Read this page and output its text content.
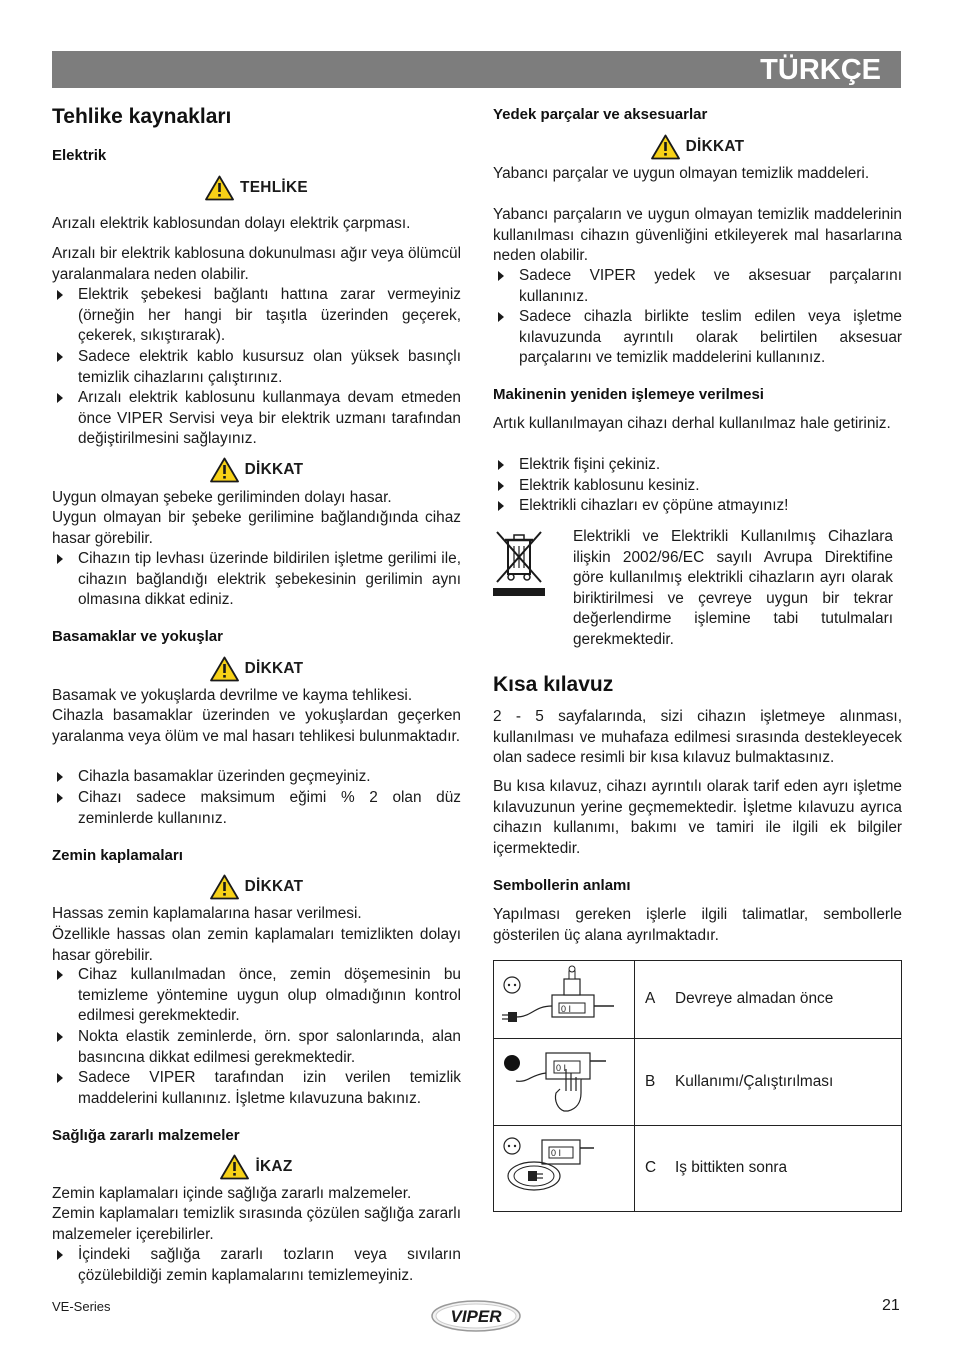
TÜRKÇE
Tehlike kaynakları
Elektrik
TEHLİKE
Arızalı elektrik kablosundan dolayı elektrik çarpması.
Arızalı bir elektrik kablosuna dokunulması ağır veya ölümcül yaralanmalara neden olabilir.
Elektrik şebekesi bağlantı hattına zarar vermeyiniz (örneğin her hangi bir taşıtla üzerinden geçerek, çekerek, sıkıştırarak).
Sadece elektrik kablo kusursuz olan yüksek basınçlı temizlik cihazlarını çalıştırınız.
Arızalı elektrik kablosunu kullanmaya devam etmeden önce VIPER Servisi veya bir elektrik uzmanı tarafından değiştirilmesini sağlayınız.
DİKKAT
Uygun olmayan şebeke geriliminden dolayı hasar.
Uygun olmayan bir şebeke gerilimine bağlandığında cihaz hasar görebilir.
Cihazın tip levhası üzerinde bildirilen işletme gerilimi ile, cihazın bağlandığı elektrik şebekesinin gerilimin aynı olmasına dikkat ediniz.
Basamaklar ve yokuşlar
DİKKAT
Basamak ve yokuşlarda devrilme ve kayma tehlikesi.
Cihazla basamaklar üzerinden ve yokuşlardan geçerken yaralanma veya ölüm ve mal hasarı tehlikesi bulunmaktadır.
Cihazla basamaklar üzerinden geçmeyiniz.
Cihazı sadece maksimum eğimi % 2 olan düz zeminlerde kullanınız.
Zemin kaplamaları
DİKKAT
Hassas zemin kaplamalarına hasar verilmesi.
Özellikle hassas olan zemin kaplamaları temizlikten dolayı hasar görebilir.
Cihaz kullanılmadan önce, zemin döşemesinin bu temizleme yöntemine uygun olup olmadığının kontrol edilmesi gerekmektedir.
Nokta elastik zeminlerde, örn. spor salonlarında, alan basıncına dikkat edilmesi gerekmektedir.
Sadece VIPER tarafından izin verilen temizlik maddelerini kullanınız. İşletme kılavuzuna bakınız.
Sağlığa zararlı malzemeler
İKAZ
Zemin kaplamaları içinde sağlığa zararlı malzemeler.
Zemin kaplamaları temizlik sırasında çözülen sağlığa zararlı malzemeler içerebilirler.
İçindeki sağlığa zararlı tozların veya sıvıların çözülebildiği zemin kaplamalarını temizlemeyiniz.
Yedek parçalar ve aksesuarlar
DİKKAT
Yabancı parçalar ve uygun olmayan temizlik maddeleri.
Yabancı parçaların ve uygun olmayan temizlik maddelerinin kullanılması cihazın güvenliğini etkileyerek mal hasarlarına neden olabilir.
Sadece VIPER yedek ve aksesuar parçalarını kullanınız.
Sadece cihazla birlikte teslim edilen veya işletme kılavuzunda ayrıntılı olarak belirtilen aksesuar parçalarını ve temizlik maddelerini kullanınız.
Makinenin yeniden işlemeye verilmesi
Artık kullanılmayan cihazı derhal kullanılmaz hale getiriniz.
Elektrik fişini çekiniz.
Elektrik kablosunu kesiniz.
Elektrikli cihazları ev çöpüne atmayınız!
Elektrikli ve Elektrikli Kullanılmış Cihazlara ilişkin 2002/96/EC sayılı Avrupa Direktifine göre kullanılmış elektrikli cihazların ayrı olarak biriktirilmesi ve çevreye uygun bir tekrar değerlendirme işlemine tabi tutulmaları gerekmektedir.
Kısa kılavuz
2 - 5 sayfalarında, sizi cihazın işletmeye alınması, kullanılması ve muhafaza edilmesi sırasında destekleyecek olan sadece resimli bir kısa kılavuz bulmaktasınız.
Bu kısa kılavuz, cihazı ayrıntılı olarak tarif eden ayrı işletme kılavuzunun yerine geçmemektedir. İşletme kılavuzu ayrıca cihazın kullanımı, bakımı ve tamiri ile ilgili ek bilgiler içermektedir.
Sembollerin anlamı
Yapılması gereken işlerle ilgili talimatlar, sembollerle gösterilen üç alana ayrılmaktadır.
0 I	A Devreye almadan önce

0 I	B Kullanımı/Çalıştırılması

0 I	C Iş bittikten sonra
VE-Series
VIPER
21
